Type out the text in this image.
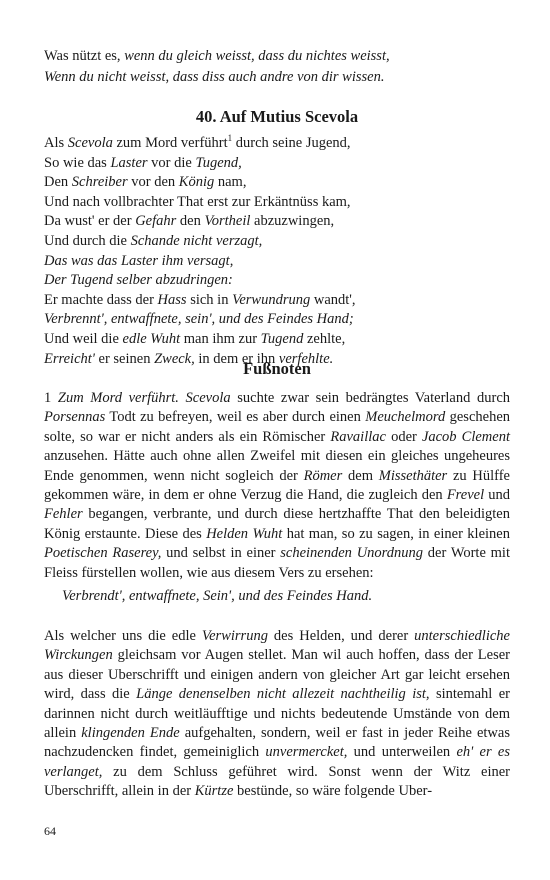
Was nützt es, wenn du gleich weisst, dass du nichtes weisst,
Wenn du nicht weisst, dass diss auch andre von dir wissen.
40. Auf Mutius Scevola
Als Scevola zum Mord verführt$^1$ durch seine Jugend,
So wie das Laster vor die Tugend,
Den Schreiber vor den König nam,
Und nach vollbrachter That erst zur Erkäntnüss kam,
Da wust' er der Gefahr den Vortheil abzuzwingen,
Und durch die Schande nicht verzagt,
Das was das Laster ihm versagt,
Der Tugend selber abzudringen:
Er machte dass der Hass sich in Verwundrung wandt',
Verbrennt', entwaffnete, sein', und des Feindes Hand;
Und weil die edle Wuht man ihm zur Tugend zehlte,
Erreicht' er seinen Zweck, in dem er ihn verfehlte.
Fußnoten

1 Zum Mord verführt. Scevola suchte zwar sein bedrängtes Vaterland durch Porsennas Todt zu befreyen, weil es aber durch einen Meuchelmord geschehen solte, so war er nicht anders als ein Römischer Ravaillac oder Jacob Clement anzusehen. Hätte auch ohne allen Zweifel mit diesen ein gleiches ungeheures Ende genommen, wenn nicht sogleich der Römer dem Missethäter zu Hülffe gekommen wäre, in dem er ohne Verzug die Hand, die zugleich den Frevel und Fehler begangen, verbrante, und durch diese hertzhaffte That den beleidigten König erstaunte. Diese des Helden Wuht hat man, so zu sagen, in einer kleinen Poetischen Raserey, und selbst in einer scheinenden Unordnung der Worte mit Fleiss fürstellen wollen, wie aus diesem Vers zu ersehen:

Verbrendt', entwaffnete, Sein', und des Feindes Hand.

Als welcher uns die edle Verwirrung des Helden, und derer unterschiedliche Wirckungen gleichsam vor Augen stellet. Man wil auch hoffen, dass der Leser aus dieser Uberschrifft und einigen andern von gleicher Art gar leicht ersehen wird, dass die Länge denenselben nicht allezeit nachtheilig ist, sintemahl er darinnen nicht durch weitläufftige und nichts bedeutende Umstände von dem allein klingenden Ende aufgehalten, sondern, weil er fast in jeder Reihe etwas nachzudencken findet, gemeiniglich unvermercket, und unterweilen eh' er es verlanget, zu dem Schluss geführet wird. Sonst wenn der Witz einer Uberschrifft, allein in der Kürtze bestünde, so wäre folgende Uber-

64
